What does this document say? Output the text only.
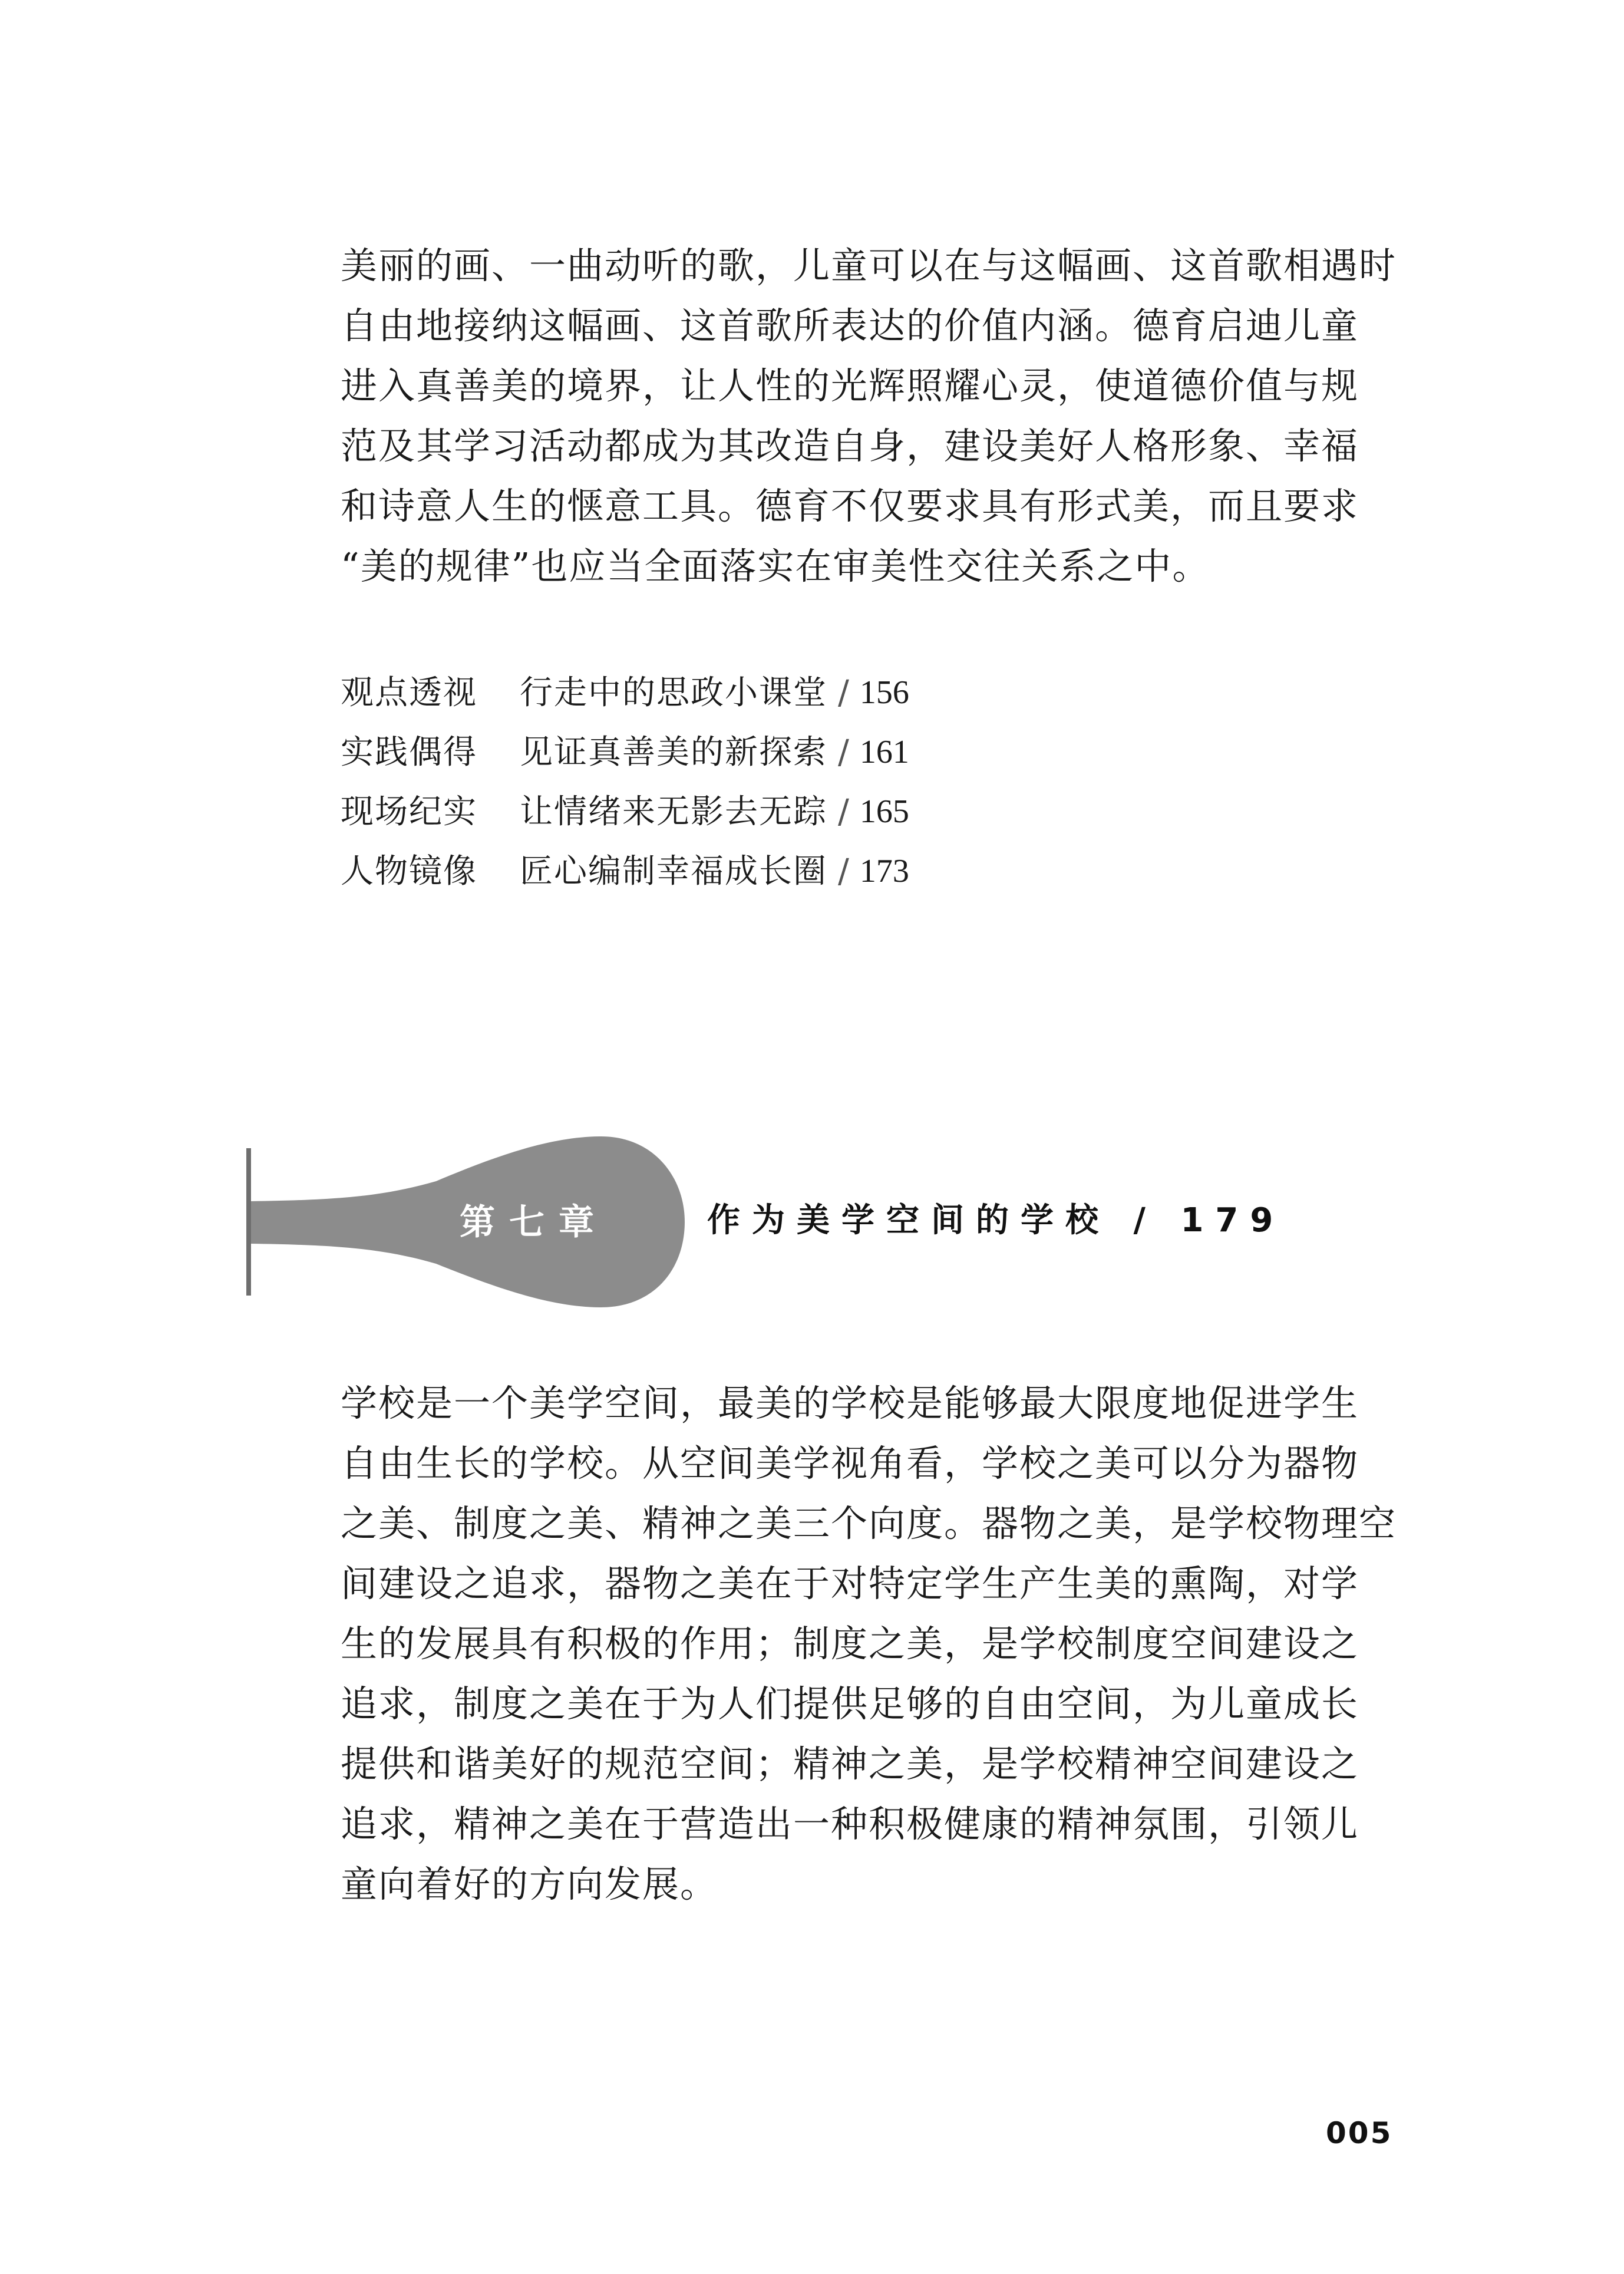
美丽的画、一曲动听的歌，儿童可以在与这幅画、这首歌相遇时
自由地接纳这幅画、这首歌所表达的价值内涵。德育启迪儿童
进入真善美的境界，让人性的光辉照耀心灵，使道德价值与规
范及其学习活动都成为其改造自身，建设美好人格形象、幸福
和诗意人生的惬意工具。德育不仅要求具有形式美，而且要求
“美的规律”也应当全面落实在审美性交往关系之中。
观点透视	行走中的思政小课堂 / 156
实践偶得	见证真善美的新探索 / 161
现场纪实	让情绪来无影去无踪 / 165
人物镜像	匠心编制幸福成长圈 / 173
第七章	作为美学空间的学校 / 179
学校是一个美学空间，最美的学校是能够最大限度地促进学生
自由生长的学校。从空间美学视角看，学校之美可以分为器物
之美、制度之美、精神之美三个向度。器物之美，是学校物理空
间建设之追求，器物之美在于对特定学生产生美的熏陶，对学
生的发展具有积极的作用；制度之美，是学校制度空间建设之
追求，制度之美在于为人们提供足够的自由空间，为儿童成长
提供和谐美好的规范空间；精神之美，是学校精神空间建设之
追求，精神之美在于营造出一种积极健康的精神氛围，引领儿
童向着好的方向发展。
005
